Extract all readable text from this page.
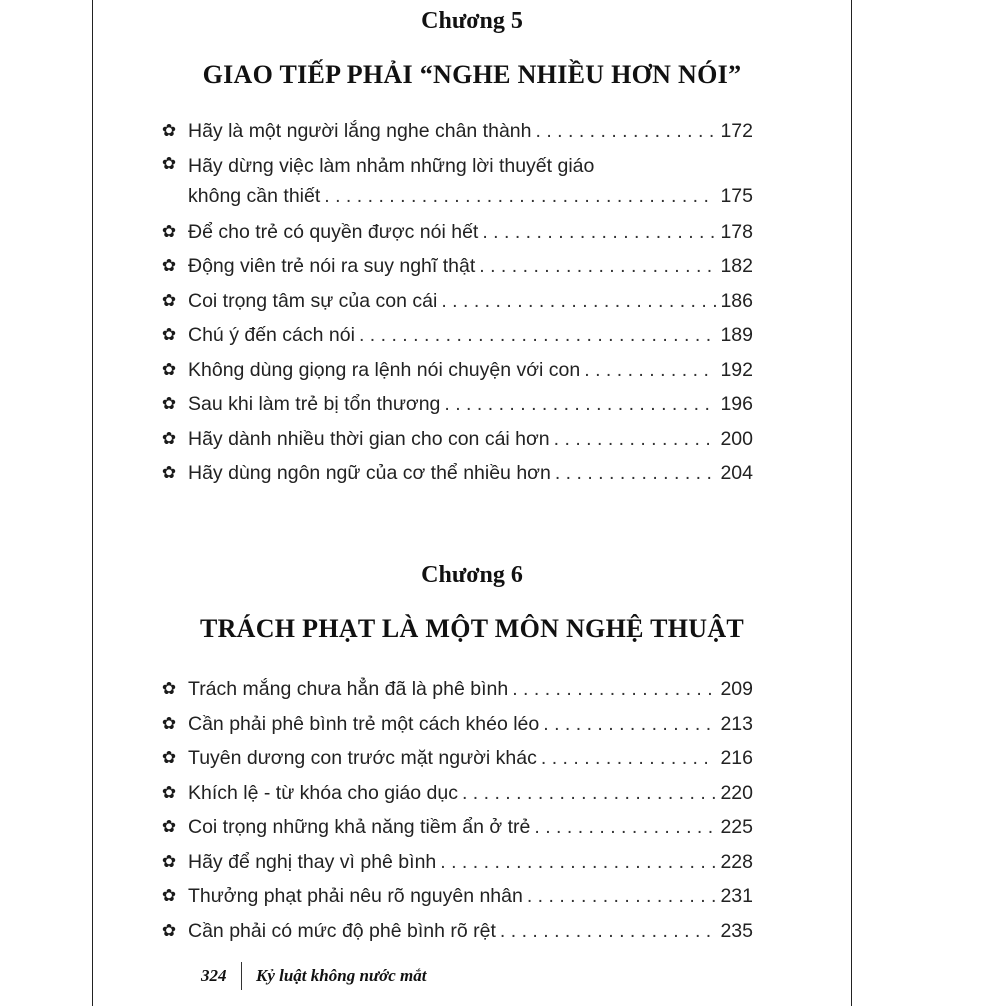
Chương 5
GIAO TIẾP PHẢI “NGHE NHIỀU HƠN NÓI”
✿ Hãy là một người lắng nghe chân thành . . .	172
✿ Hãy dừng việc làm nhảm những lời thuyết giáo
không cần thiết . . .	175
✿ Để cho trẻ có quyền được nói hết . . .	178
✿ Động viên trẻ nói ra suy nghĩ thật . . .	182
✿ Coi trọng tâm sự của con cái . . .	186
✿ Chú ý đến cách nói . . .	189
✿ Không dùng giọng ra lệnh nói chuyện với con . . .	192
✿ Sau khi làm trẻ bị tổn thương . . .	196
✿ Hãy dành nhiều thời gian cho con cái hơn . . .	200
✿ Hãy dùng ngôn ngữ của cơ thể nhiều hơn . . .	204
Chương 6
TRÁCH PHẠT LÀ MỘT MÔN NGHỆ THUẬT
✿ Trách mắng chưa hẳn đã là phê bình . . .	209
✿ Cần phải phê bình trẻ một cách khéo léo . . .	213
✿ Tuyên dương con trước mặt người khác . . .	216
✿ Khích lệ - từ khóa cho giáo dục . . .	220
✿ Coi trọng những khả năng tiềm ẩn ở trẻ . . .	225
✿ Hãy để nghị thay vì phê bình . . .	228
✿ Thưởng phạt phải nêu rõ nguyên nhân . . .	231
✿ Cần phải có mức độ phê bình rõ rệt . . .	235
324 Kỷ luật không nước mắt
